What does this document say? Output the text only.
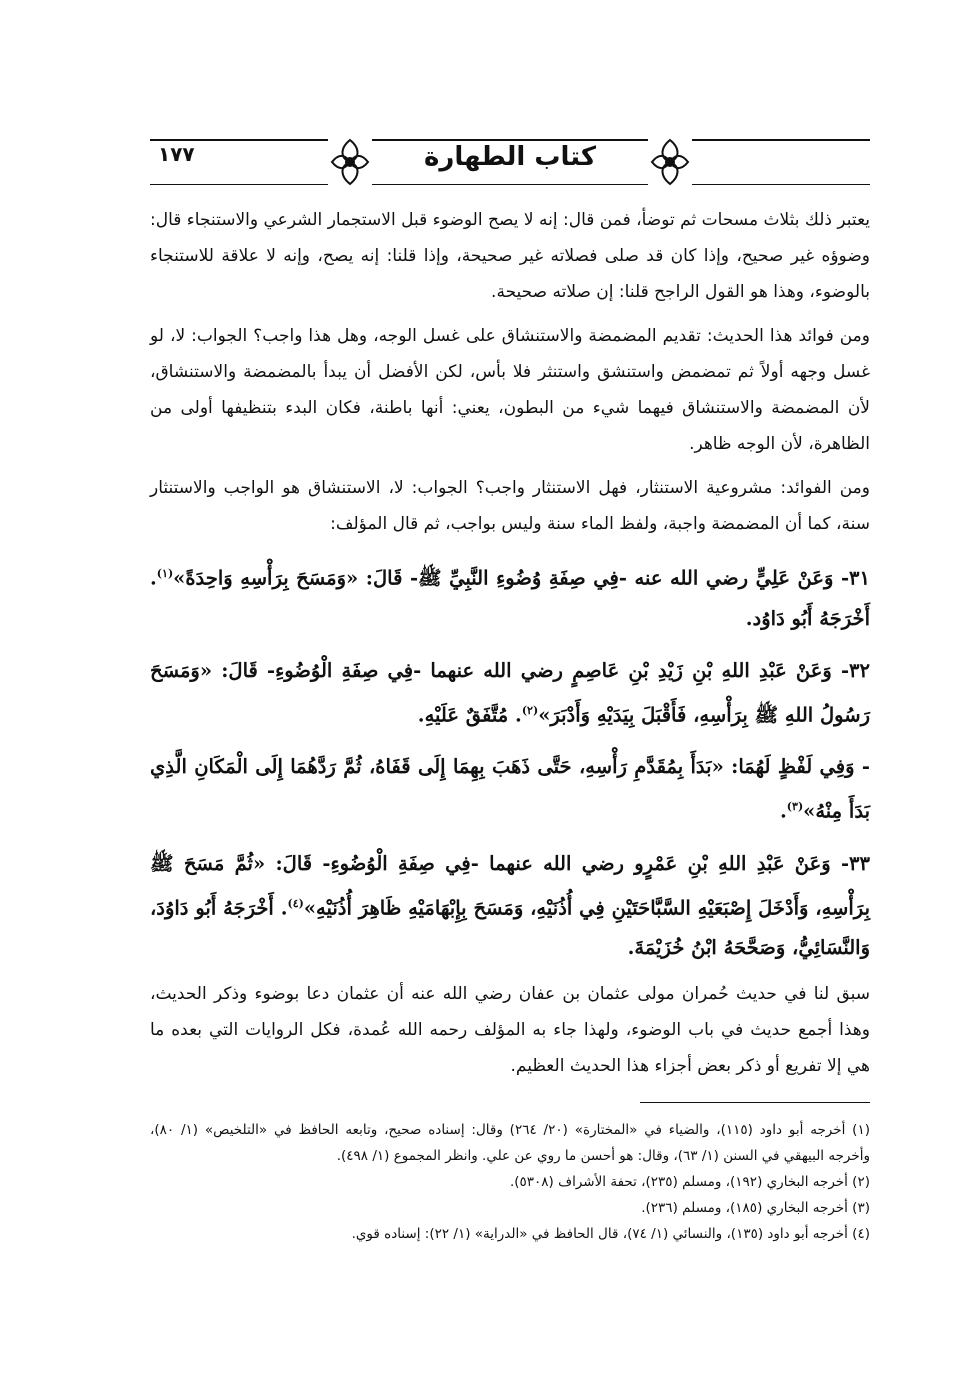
كتاب الطهارة
١٧٧

يعتبر ذلك بثلاث مسحات ثم توضأ، فمن قال: إنه لا يصح الوضوء قبل الاستجمار الشرعي والاستنجاء قال: وضوؤه غير صحيح، وإذا كان قد صلى فصلاته غير صحيحة، وإذا قلنا: إنه يصح، وإنه لا علاقة للاستنجاء بالوضوء، وهذا هو القول الراجح قلنا: إن صلاته صحيحة.

ومن فوائد هذا الحديث: تقديم المضمضة والاستنشاق على غسل الوجه، وهل هذا واجب؟ الجواب: لا، لو غسل وجهه أولاً ثم تمضمض واستنشق واستنثر فلا بأس، لكن الأفضل أن يبدأ بالمضمضة والاستنشاق، لأن المضمضة والاستنشاق فيهما شيء من البطون، يعني: أنها باطنة، فكان البدء بتنظيفها أولى من الظاهرة، لأن الوجه ظاهر.

ومن الفوائد: مشروعية الاستنثار، فهل الاستنثار واجب؟ الجواب: لا، الاستنشاق هو الواجب والاستنثار سنة، كما أن المضمضة واجبة، ولفظ الماء سنة وليس بواجب، ثم قال المؤلف:

٣١- وَعَنْ عَلِيٍّ رضي الله عنه -فِي صِفَةِ وُضُوءِ النَّبِيِّ ﷺ- قَالَ: «وَمَسَحَ بِرَأْسِهِ وَاحِدَةً»$^{(١)}$. أَخْرَجَهُ أَبُو دَاوُد.

٣٢- وَعَنْ عَبْدِ اللهِ بْنِ زَيْدِ بْنِ عَاصِمٍ رضي الله عنهما -فِي صِفَةِ الْوُضُوءِ- قَالَ: «وَمَسَحَ رَسُولُ اللهِ ﷺ بِرَأْسِهِ، فَأَقْبَلَ بِيَدَيْهِ وَأَدْبَرَ»$^{(٢)}$. مُتَّفَقٌ عَلَيْهِ.

- وَفِي لَفْظٍ لَهُمَا: «بَدَأَ بِمُقَدَّمِ رَأْسِهِ، حَتَّى ذَهَبَ بِهِمَا إِلَى قَفَاهُ، ثُمَّ رَدَّهُمَا إِلَى الْمَكَانِ الَّذِي بَدَأَ مِنْهُ»$^{(٣)}$.

٣٣- وَعَنْ عَبْدِ اللهِ بْنِ عَمْرٍو رضي الله عنهما -فِي صِفَةِ الْوُضُوءِ- قَالَ: «ثُمَّ مَسَحَ ﷺ بِرَأْسِهِ، وَأَدْخَلَ إِصْبَعَيْهِ السَّبَّاحَتَيْنِ فِي أُذُنَيْهِ، وَمَسَحَ بِإِبْهَامَيْهِ ظَاهِرَ أُذُنَيْهِ»$^{(٤)}$. أَخْرَجَهُ أَبُو دَاوُدَ، وَالنَّسَائِيُّ، وَصَحَّحَهُ ابْنُ خُزَيْمَةَ.

سبق لنا في حديث حُمران مولى عثمان بن عفان رضي الله عنه أن عثمان دعا بوضوء وذكر الحديث، وهذا أجمع حديث في باب الوضوء، ولهذا جاء به المؤلف رحمه الله عُمدة، فكل الروايات التي بعده ما هي إلا تفريع أو ذكر بعض أجزاء هذا الحديث العظيم.

(١) أخرجه أبو داود (١١٥)، والضياء في «المختارة» (٢٠/ ٢٦٤) وقال: إسناده صحيح، وتابعه الحافظ في «التلخيص» (١/ ٨٠)، وأخرجه البيهقي في السنن (١/ ٦٣)، وقال: هو أحسن ما روي عن علي. وانظر المجموع (١/ ٤٩٨).

(٢) أخرجه البخاري (١٩٢)، ومسلم (٢٣٥)، تحفة الأشراف (٥٣٠٨).

(٣) أخرجه البخاري (١٨٥)، ومسلم (٢٣٦).

(٤) أخرجه أبو داود (١٣٥)، والنسائي (١/ ٧٤)، قال الحافظ في «الدراية» (١/ ٢٢): إسناده قوي.
